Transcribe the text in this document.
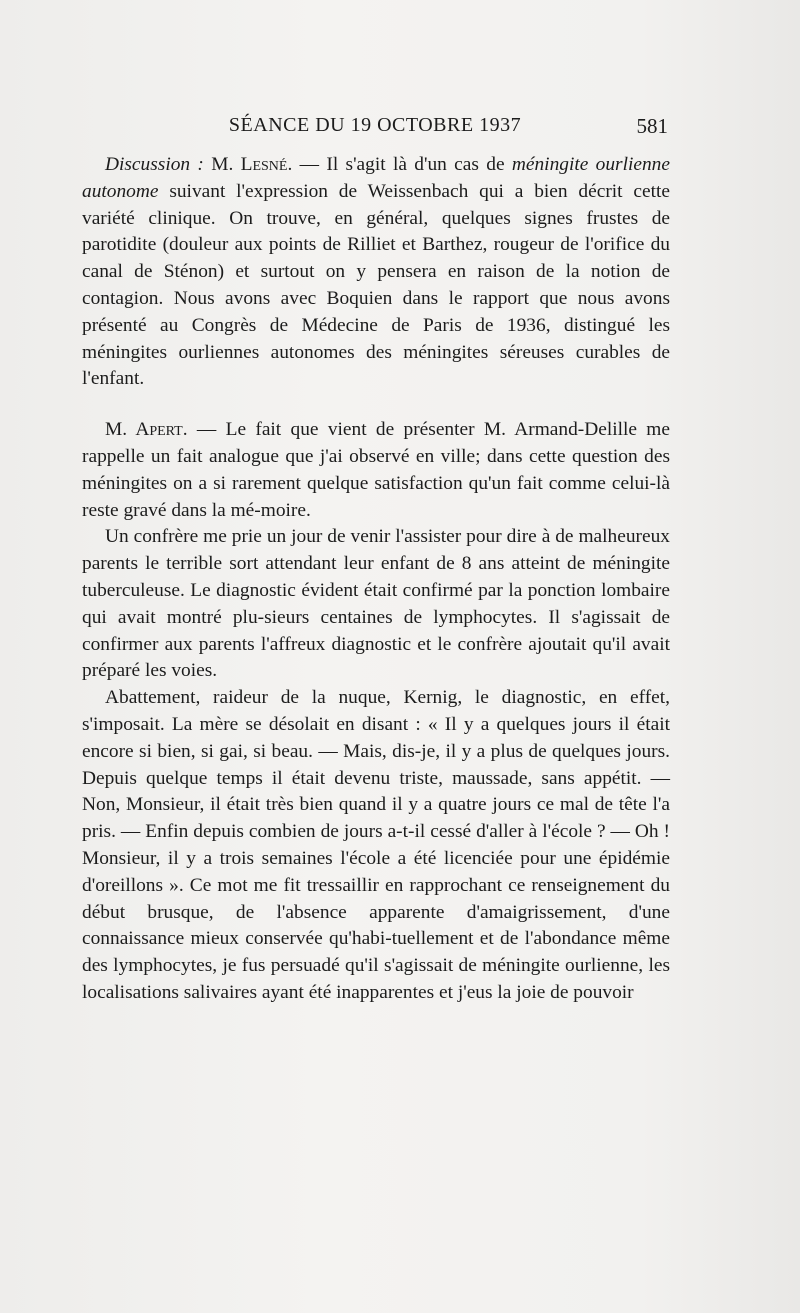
SÉANCE DU 19 OCTOBRE 1937	581

Discussion : M. Lesné. — Il s'agit là d'un cas de méningite ourlienne autonome suivant l'expression de Weissenbach qui a bien décrit cette variété clinique. On trouve, en général, quelques signes frustes de parotidite (douleur aux points de Rilliet et Barthez, rougeur de l'orifice du canal de Sténon) et surtout on y pensera en raison de la notion de contagion. Nous avons avec Boquien dans le rapport que nous avons présenté au Congrès de Médecine de Paris de 1936, distingué les méningites ourliennes autonomes des méningites séreuses curables de l'enfant.

M. Apert. — Le fait que vient de présenter M. Armand-Delille me rappelle un fait analogue que j'ai observé en ville; dans cette question des méningites on a si rarement quelque satisfaction qu'un fait comme celui-là reste gravé dans la mé-moire.

Un confrère me prie un jour de venir l'assister pour dire à de malheureux parents le terrible sort attendant leur enfant de 8 ans atteint de méningite tuberculeuse. Le diagnostic évident était confirmé par la ponction lombaire qui avait montré plu-sieurs centaines de lymphocytes. Il s'agissait de confirmer aux parents l'affreux diagnostic et le confrère ajoutait qu'il avait préparé les voies.

Abattement, raideur de la nuque, Kernig, le diagnostic, en effet, s'imposait. La mère se désolait en disant : « Il y a quelques jours il était encore si bien, si gai, si beau. — Mais, dis-je, il y a plus de quelques jours. Depuis quelque temps il était devenu triste, maussade, sans appétit. — Non, Monsieur, il était très bien quand il y a quatre jours ce mal de tête l'a pris. — Enfin depuis combien de jours a-t-il cessé d'aller à l'école ? — Oh ! Monsieur, il y a trois semaines l'école a été licenciée pour une épidémie d'oreillons ». Ce mot me fit tressaillir en rapprochant ce renseignement du début brusque, de l'absence apparente d'amaigrissement, d'une connaissance mieux conservée qu'habi-tuellement et de l'abondance même des lymphocytes, je fus persuadé qu'il s'agissait de méningite ourlienne, les localisations salivaires ayant été inapparentes et j'eus la joie de pouvoir
